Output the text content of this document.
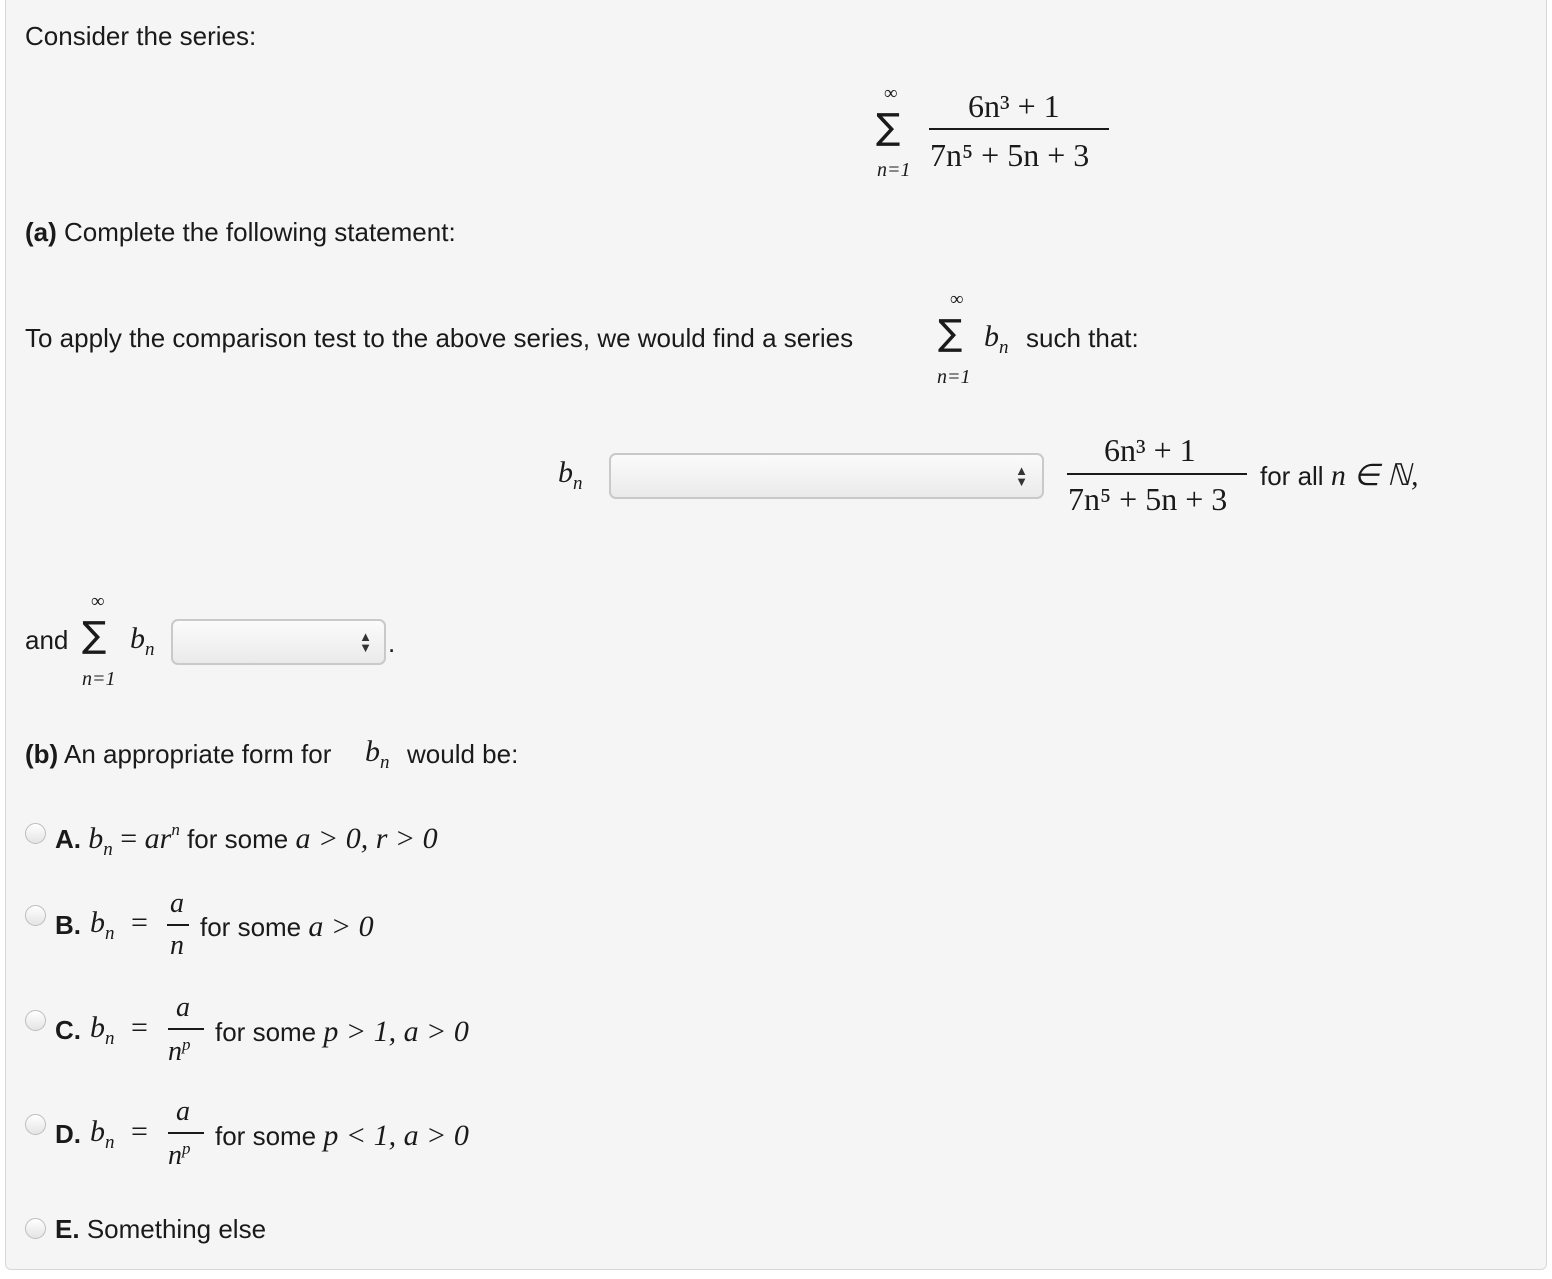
Consider the series:
∞
∑
n=1
6n³ + 1
7n⁵ + 5n + 3
(a) Complete the following statement:
To apply the comparison test to the above series, we would find a series
∞
∑
n=1
$b_n$ such that:
$b_n$
▲
▼
6n³ + 1
7n⁵ + 5n + 3
for all n ∈ ℕ,
and
∞
∑
n=1
$b_n$
▲
▼ .
(b) An appropriate form for $b_n$ would be:
A. $b_n = ar^n$ for some a > 0, r > 0
B. $b_n$ =
a
n
for some a > 0
C. $b_n$ =
a
$n^p$ for some p > 1, a > 0
D. $b_n$ =
a
$n^p$ for some p < 1, a > 0
E. Something else
